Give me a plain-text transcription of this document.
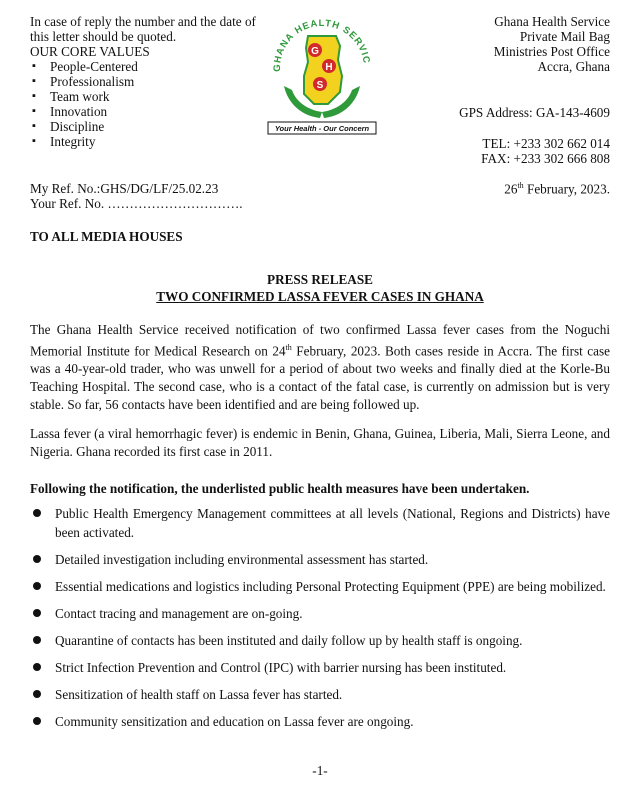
In case of reply the number and the date of
this letter should be quoted.
OUR CORE VALUES
▪ People-Centered
▪ Professionalism
▪ Team work
▪ Innovation
▪ Discipline
▪ Integrity
GHANA HEALTH SERVIC
G
H
S
Your Health - Our Concern
Ghana Health Service
Private Mail Bag
Ministries Post Office
Accra, Ghana
GPS Address: GA-143-4609
TEL: +233 302 662 014
FAX: +233 302 666 808
My Ref. No.:GHS/DG/LF/25.02.23
Your Ref. No. ………………………….
26th February, 2023.
TO ALL MEDIA HOUSES
PRESS RELEASE
TWO CONFIRMED LASSA FEVER CASES IN GHANA
The Ghana Health Service received notification of two confirmed Lassa fever cases from the Noguchi Memorial Institute for Medical Research on 24th February, 2023. Both cases reside in Accra. The first case was a 40-year-old trader, who was unwell for a period of about two weeks and finally died at the Korle-Bu Teaching Hospital. The second case, who is a contact of the fatal case, is currently on admission but is very stable. So far, 56 contacts have been identified and are being followed up.
Lassa fever (a viral hemorrhagic fever) is endemic in Benin, Ghana, Guinea, Liberia, Mali, Sierra Leone, and Nigeria. Ghana recorded its first case in 2011.
Following the notification, the underlisted public health measures have been undertaken.
Public Health Emergency Management committees at all levels (National, Regions and Districts) have been activated.
Detailed investigation including environmental assessment has started.
Essential medications and logistics including Personal Protecting Equipment (PPE) are being mobilized.
Contact tracing and management are on-going.
Quarantine of contacts has been instituted and daily follow up by health staff is ongoing.
Strict Infection Prevention and Control (IPC) with barrier nursing has been instituted.
Sensitization of health staff on Lassa fever has started.
Community sensitization and education on Lassa fever are ongoing.
-1-
